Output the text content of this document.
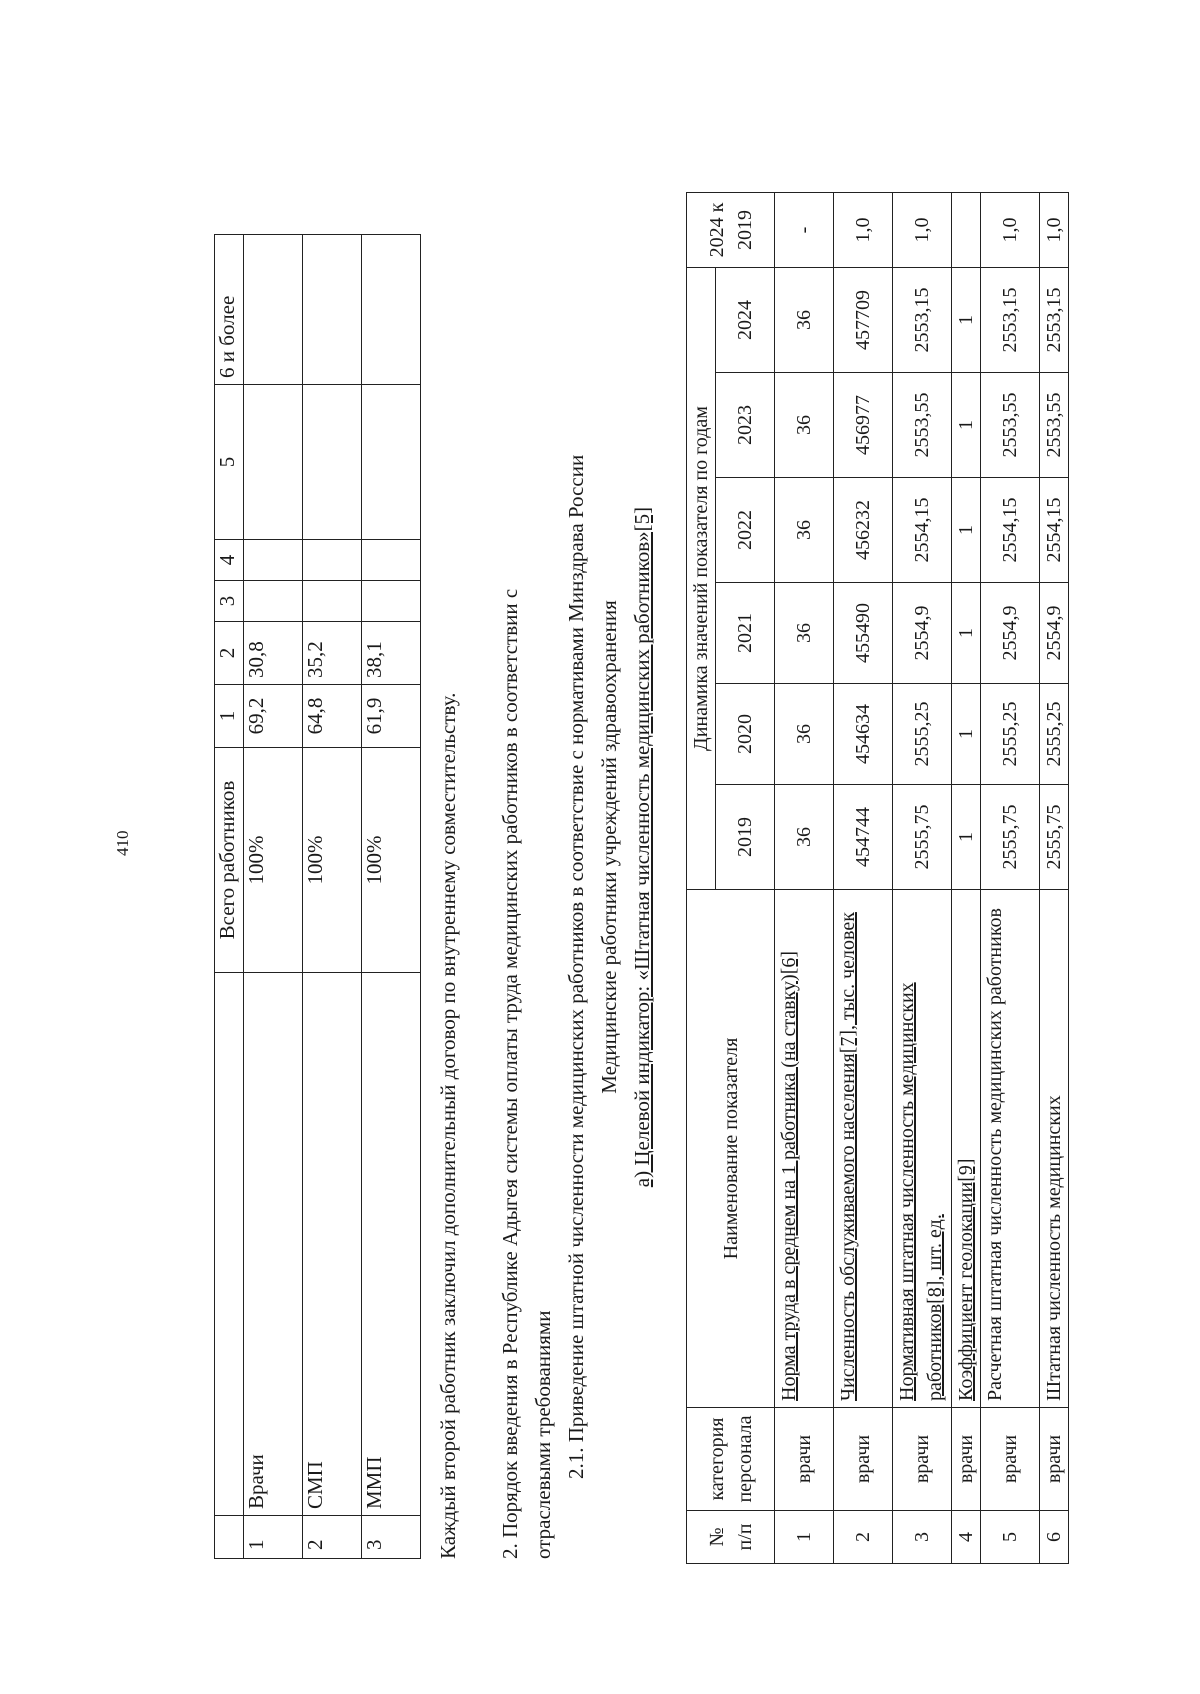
410
			Всего работников	1	2	3	4	5	6 и более
1	Врачи	100%	69,2	30,8				
2	СМП	100%	64,8	35,2				
3	ММП	100%	61,9	38,1				
Каждый второй работник заключил дополнительный договор по внутреннему совместительству. 2. Порядок введения в Республике Адыгея системы оплаты труда медицинских работников в соответствии с отраслевыми требованиями 2.1. Приведение штатной численности медицинских работников в соответствие с нормативами Минздрава России Медицинские работники учреждений здравоохранения а) Целевой индикатор: «Штатная численность медицинских работников»[5]
№ п/п	категория персонала	Наименование показателя	Динамика значений показателя по годам						2024 к 2019
			2019	2020	2021	2022	2023	2024	
1	врачи	Норма труда в среднем на 1 работника (на ставку)[6]	36	36	36	36	36	36	-
2	врачи	Численность обслуживаемого населения[7], тыс. человек	454744	454634	455490	456232	456977	457709	1,0
3	врачи	Нормативная штатная численность медицинских работников[8], шт. ед.	2555,75	2555,25	2554,9	2554,15	2553,55	2553,15	1,0
4	врачи	Коэффициент геолокации[9]	1	1	1	1	1	1	
5	врачи	Расчетная штатная численность медицинских работников	2555,75	2555,25	2554,9	2554,15	2553,55	2553,15	1,0
6	врачи	Штатная численность медицинских	2555,75	2555,25	2554,9	2554,15	2553,55	2553,15	1,0
